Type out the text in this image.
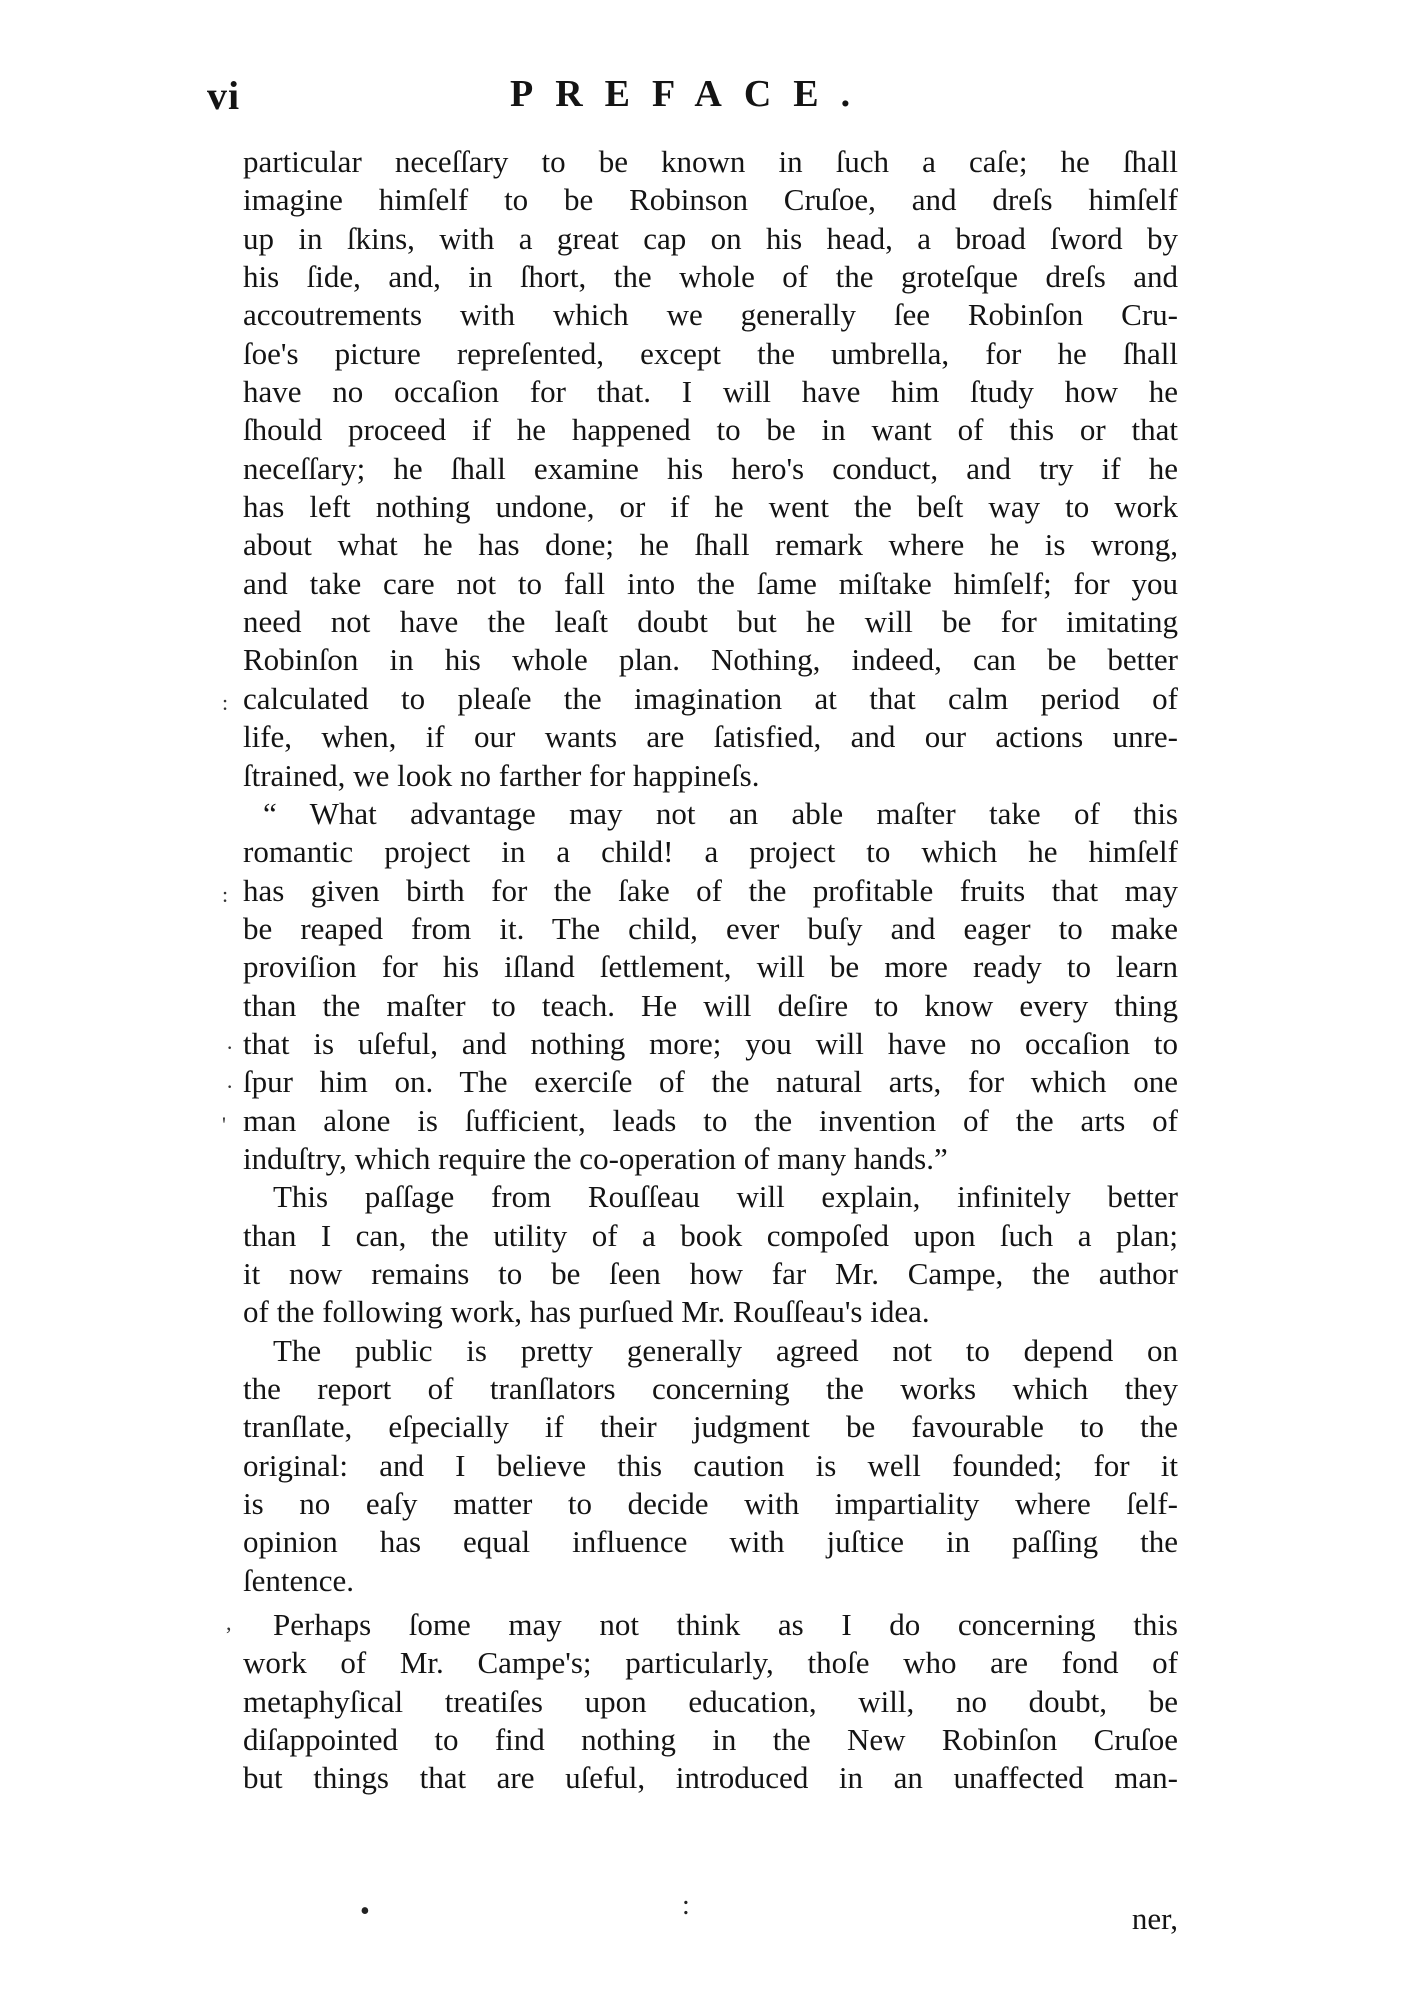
vi	PREFACE.
particular neceſſary to be known in ſuch a caſe; he ſhall
imagine himſelf to be Robinson Cruſoe, and dreſs himſelf
up in ſkins, with a great cap on his head, a broad ſword by
his ſide, and, in ſhort, the whole of the groteſque dreſs and
accoutrements with which we generally ſee Robinſon Cru-
ſoe's picture repreſented, except the umbrella, for he ſhall
have no occaſion for that. I will have him ſtudy how he
ſhould proceed if he happened to be in want of this or that
neceſſary; he ſhall examine his hero's conduct, and try if he
has left nothing undone, or if he went the beſt way to work
about what he has done; he ſhall remark where he is wrong,
and take care not to fall into the ſame miſtake himſelf; for you
need not have the leaſt doubt but he will be for imitating
Robinſon in his whole plan. Nothing, indeed, can be better
calculated to pleaſe the imagination at that calm period of
life, when, if our wants are ſatisfied, and our actions unre-
ſtrained, we look no farther for happineſs.
“ What advantage may not an able maſter take of this
romantic project in a child! a project to which he himſelf
has given birth for the ſake of the profitable fruits that may
be reaped from it. The child, ever buſy and eager to make
proviſion for his iſland ſettlement, will be more ready to learn
than the maſter to teach. He will deſire to know every thing
that is uſeful, and nothing more; you will have no occaſion to
ſpur him on. The exerciſe of the natural arts, for which one
man alone is ſufficient, leads to the invention of the arts of
induſtry, which require the co-operation of many hands.”
This paſſage from Rouſſeau will explain, infinitely better
than I can, the utility of a book compoſed upon ſuch a plan;
it now remains to be ſeen how far Mr. Campe, the author
of the following work, has purſued Mr. Rouſſeau's idea.
The public is pretty generally agreed not to depend on
the report of tranſlators concerning the works which they
tranſlate, eſpecially if their judgment be favourable to the
original: and I believe this caution is well founded; for it
is no eaſy matter to decide with impartiality where ſelf-
opinion has equal influence with juſtice in paſſing the
ſentence.
Perhaps ſome may not think as I do concerning this
work of Mr. Campe's; particularly, thoſe who are fond of
metaphyſical treatiſes upon education, will, no doubt, be
diſappointed to find nothing in the New Robinſon Cruſoe
but things that are uſeful, introduced in an unaffected man-
ner,
:
:
·
·
'
,
•	:
